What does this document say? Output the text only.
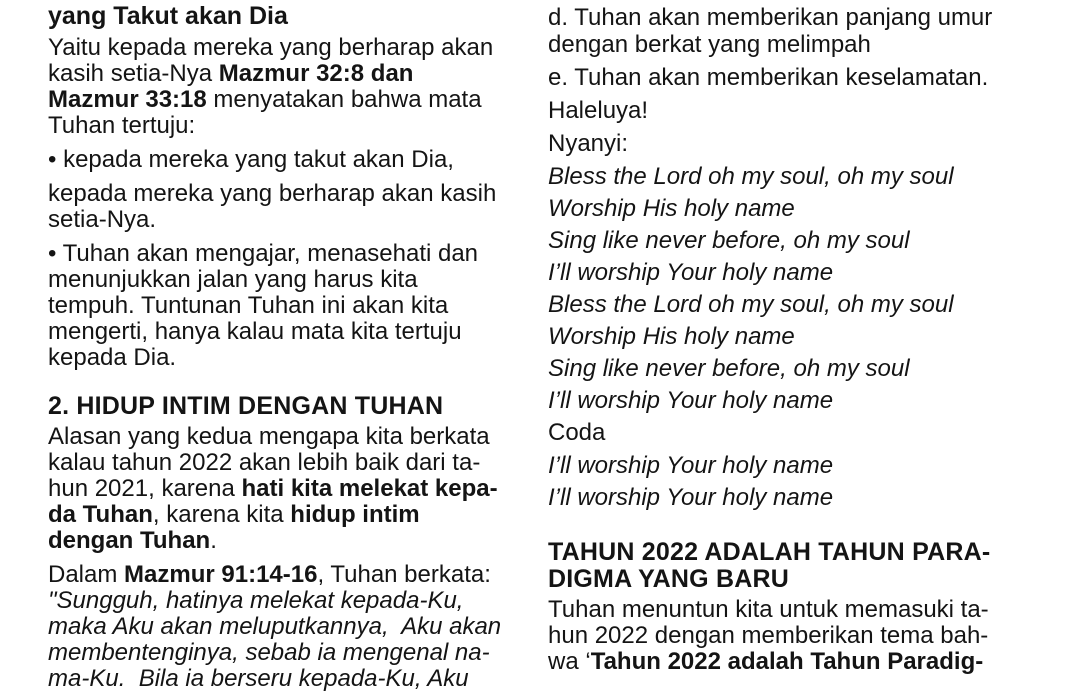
yang Takut akan Dia

Yaitu kepada mereka yang berharap akan
kasih setia-Nya Mazmur 32:8 dan
Mazmur 33:18 menyatakan bahwa mata
Tuhan tertuju:

• kepada mereka yang takut akan Dia,

kepada mereka yang berharap akan kasih
setia-Nya.

• Tuhan akan mengajar, menasehati dan
menunjukkan jalan yang harus kita
tempuh. Tuntunan Tuhan ini akan kita
mengerti, hanya kalau mata kita tertuju
kepada Dia.

2. HIDUP INTIM DENGAN TUHAN

Alasan yang kedua mengapa kita berkata
kalau tahun 2022 akan lebih baik dari ta-
hun 2021, karena hati kita melekat kepa-
da Tuhan, karena kita hidup intim
dengan Tuhan.

Dalam Mazmur 91:14-16, Tuhan berkata:
"Sungguh, hatinya melekat kepada-Ku,
maka Aku akan meluputkannya,  Aku akan
membentenginya, sebab ia mengenal na-
ma-Ku.  Bila ia berseru kepada-Ku, Aku

d. Tuhan akan memberikan panjang umur
dengan berkat yang melimpah

e. Tuhan akan memberikan keselamatan.

Haleluya!

Nyanyi:

Bless the Lord oh my soul, oh my soul

Worship His holy name

Sing like never before, oh my soul

I’ll worship Your holy name

Bless the Lord oh my soul, oh my soul

Worship His holy name

Sing like never before, oh my soul

I’ll worship Your holy name

Coda

I’ll worship Your holy name

I’ll worship Your holy name

TAHUN 2022 ADALAH TAHUN PARA-
DIGMA YANG BARU

Tuhan menuntun kita untuk memasuki ta-
hun 2022 dengan memberikan tema bah-
wa ‘Tahun 2022 adalah Tahun Paradig-
